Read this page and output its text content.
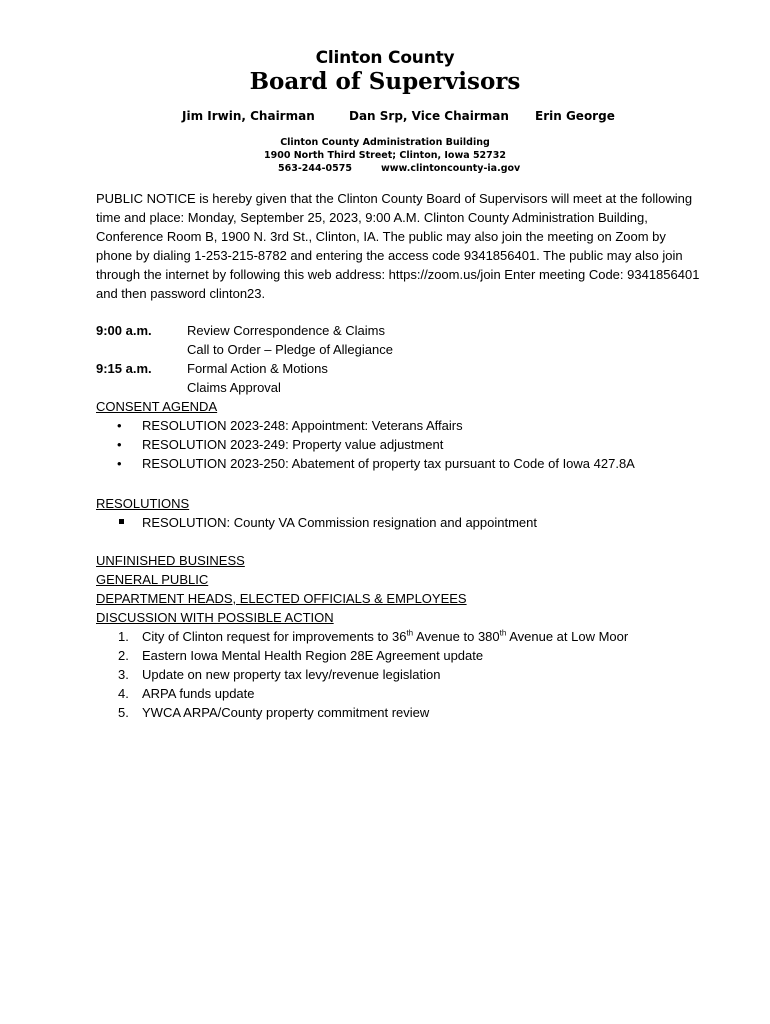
Clinton County
Board of Supervisors
Jim Irwin, Chairman	Dan Srp, Vice Chairman Erin George
Clinton County Administration Building
1900 North Third Street; Clinton, Iowa 52732
563-244-0575	www.clintoncounty-ia.gov
PUBLIC NOTICE is hereby given that the Clinton County Board of Supervisors will meet at the following time and place: Monday, September 25, 2023, 9:00 A.M. Clinton County Administration Building, Conference Room B, 1900 N. 3rd St., Clinton, IA. The public may also join the meeting on Zoom by phone by dialing 1-253-215-8782 and entering the access code 9341856401. The public may also join through the internet by following this web address: https://zoom.us/join Enter meeting Code: 9341856401 and then password clinton23.
9:00 a.m.	Review Correspondence & Claims
Call to Order – Pledge of Allegiance
9:15 a.m.	Formal Action & Motions
Claims Approval
CONSENT AGENDA
• RESOLUTION 2023-248: Appointment: Veterans Affairs
• RESOLUTION 2023-249: Property value adjustment
• RESOLUTION 2023-250: Abatement of property tax pursuant to Code of Iowa 427.8A
RESOLUTIONS
RESOLUTION: County VA Commission resignation and appointment
UNFINISHED BUSINESS
GENERAL PUBLIC
DEPARTMENT HEADS, ELECTED OFFICIALS & EMPLOYEES
DISCUSSION WITH POSSIBLE ACTION
1. City of Clinton request for improvements to 36th Avenue to 380th Avenue at Low Moor
2. Eastern Iowa Mental Health Region 28E Agreement update
3. Update on new property tax levy/revenue legislation
4. ARPA funds update
5. YWCA ARPA/County property commitment review
